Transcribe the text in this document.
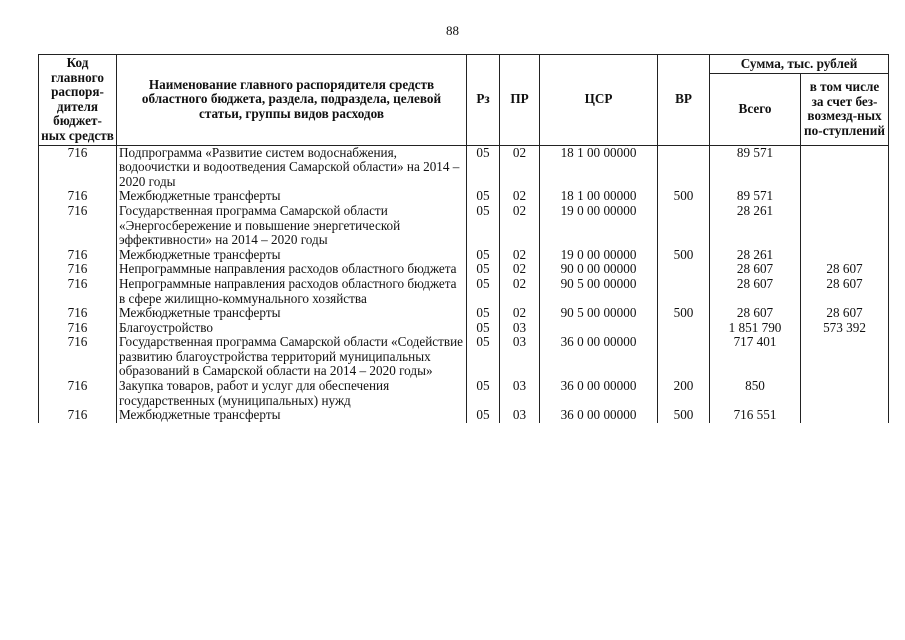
88
Код главного распоря-дителя бюджет-ных средств	Наименование главного распорядителя средств областного бюджета, раздела, подраздела, целевой статьи, группы видов расходов	Рз	ПР	ЦСР	ВР	Сумма, тыс. рублей	
						Всего	в том числе за счет без-возмезд-ных по-ступлений
716	Подпрограмма «Развитие систем водоснабжения, водоочистки и водоотведения Самарской области» на 2014 – 2020 годы	05	02	18 1 00 00000		89 571	
716	Межбюджетные трансферты	05	02	18 1 00 00000	500	89 571	
716	Государственная программа Самарской области «Энергосбережение и повышение энергетической эффективности» на 2014 – 2020 годы	05	02	19 0 00 00000		28 261	
716	Межбюджетные трансферты	05	02	19 0 00 00000	500	28 261	
716	Непрограммные направления расходов областного бюджета	05	02	90 0 00 00000		28 607	28 607
716	Непрограммные направления расходов областного бюджета в сфере жилищно-коммунального хозяйства	05	02	90 5 00 00000		28 607	28 607
716	Межбюджетные трансферты	05	02	90 5 00 00000	500	28 607	28 607
716	Благоустройство	05	03			1 851 790	573 392
716	Государственная программа Самарской области «Содействие развитию благоустройства территорий муниципальных образований в Самарской области на 2014 – 2020 годы»	05	03	36 0 00 00000		717 401	
716	Закупка товаров, работ и услуг для обеспечения государственных (муниципальных) нужд	05	03	36 0 00 00000	200	850	
716	Межбюджетные трансферты	05	03	36 0 00 00000	500	716 551	
